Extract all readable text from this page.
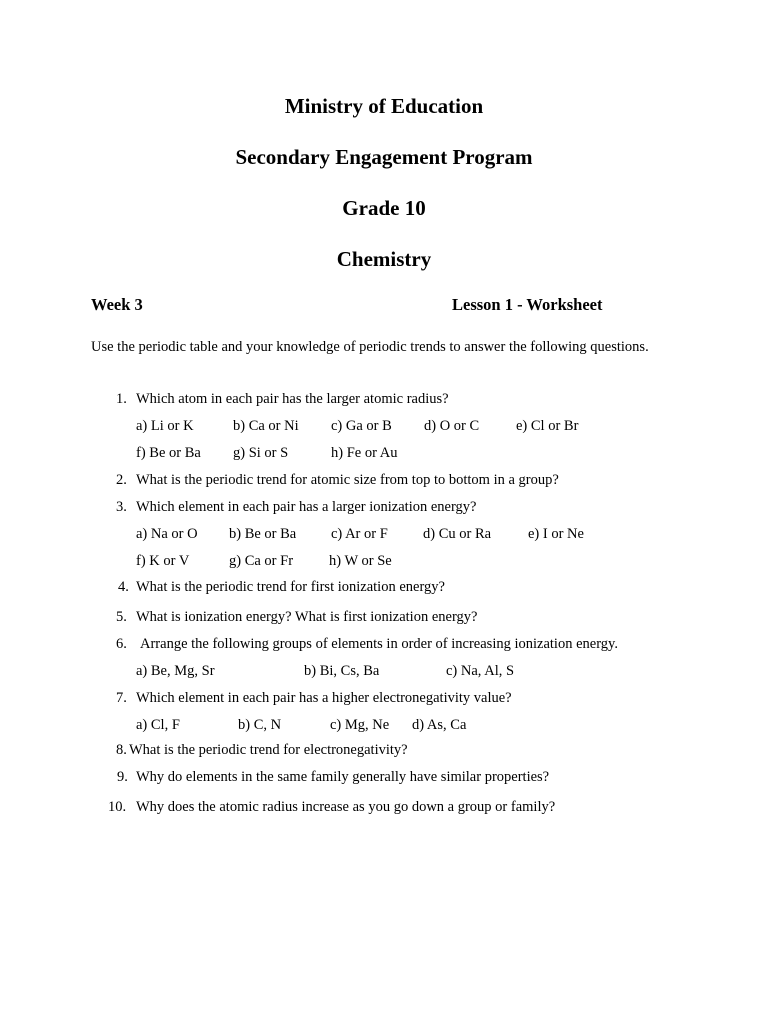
Ministry of Education
Secondary Engagement Program
Grade 10
Chemistry
Week 3	Lesson 1 - Worksheet
Use the periodic table and your knowledge of periodic trends to answer the following questions.
1. Which atom in each pair has the larger atomic radius?
a) Li or K	b) Ca or Ni c) Ga or B d) O or C	e) Cl or Br
f) Be or Ba g) Si or S	h) Fe or Au
2. What is the periodic trend for atomic size from top to bottom in a group?
3. Which element in each pair has a larger ionization energy?
a) Na or O b) Be or Ba c) Ar or F d) Cu or Ra	e) I or Ne
f) K or V	g) Ca or Fr h) W or Se
4. What is the periodic trend for first ionization energy?
5. What is ionization energy? What is first ionization energy?
6. Arrange the following groups of elements in order of increasing ionization energy.
a) Be, Mg, Sr	b) Bi, Cs, Ba	c) Na, Al, S
7. Which element in each pair has a higher electronegativity value?
a) Cl, F	b) C, N	c) Mg, Ne d) As, Ca
8. What is the periodic trend for electronegativity?
9. Why do elements in the same family generally have similar properties?
10. Why does the atomic radius increase as you go down a group or family?
